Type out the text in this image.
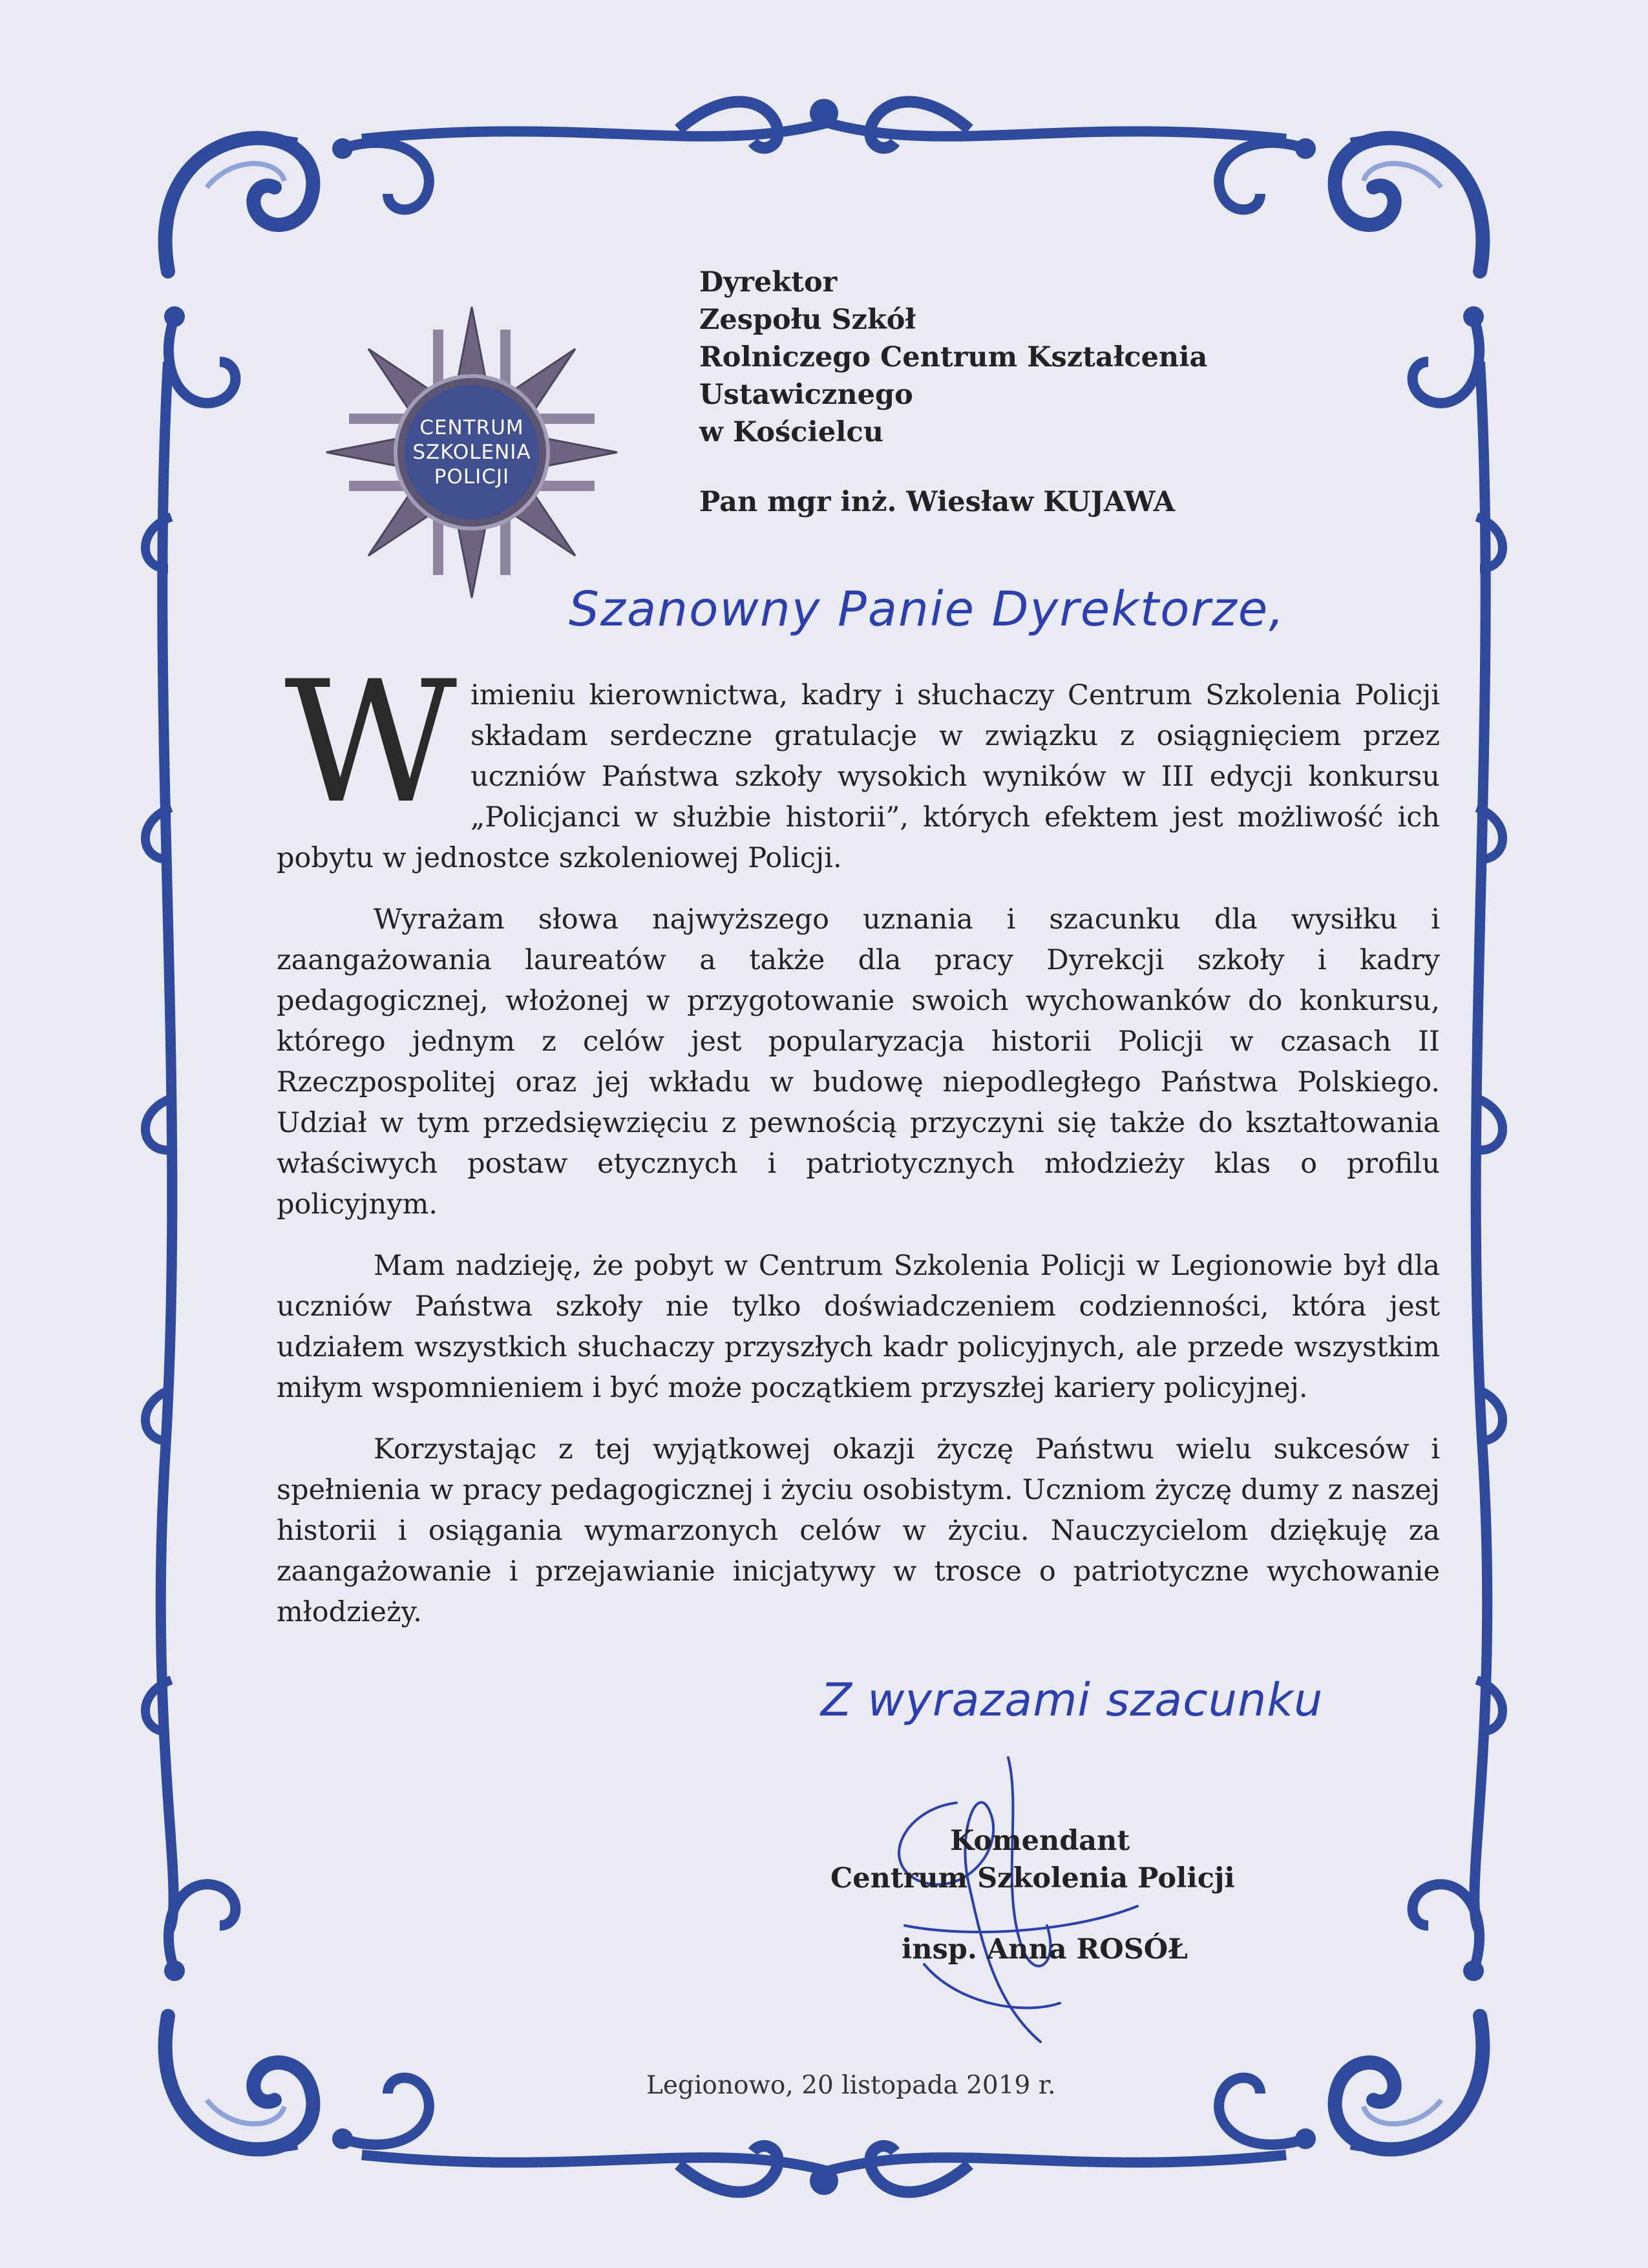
CENTRUM
SZKOLENIA
POLICJI
Dyrektor
Zespołu Szkół
Rolniczego Centrum Kształcenia
Ustawicznego
w Kościelcu
Pan mgr inż. Wiesław KUJAWA
Szanowny Panie Dyrektorze,
W imieniu kierownictwa, kadry i słuchaczy Centrum Szkolenia Policji składam serdeczne gratulacje w związku z osiągnięciem przez uczniów Państwa szkoły wysokich wyników w III edycji konkursu „Policjanci w służbie historii”, których efektem jest możliwość ich pobytu w jednostce szkoleniowej Policji.

Wyrażam słowa najwyższego uznania i szacunku dla wysiłku i zaangażowania laureatów a także dla pracy Dyrekcji szkoły i kadry pedagogicznej, włożonej w przygotowanie swoich wychowanków do konkursu, którego jednym z celów jest popularyzacja historii Policji w czasach II Rzeczpospolitej oraz jej wkładu w budowę niepodległego Państwa Polskiego. Udział w tym przedsięwzięciu z pewnością przyczyni się także do kształtowania właściwych postaw etycznych i patriotycznych młodzieży klas o profilu policyjnym.

Mam nadzieję, że pobyt w Centrum Szkolenia Policji w Legionowie był dla uczniów Państwa szkoły nie tylko doświadczeniem codzienności, która jest udziałem wszystkich słuchaczy przyszłych kadr policyjnych, ale przede wszystkim miłym wspomnieniem i być może początkiem przyszłej kariery policyjnej.

Korzystając z tej wyjątkowej okazji życzę Państwu wielu sukcesów i spełnienia w pracy pedagogicznej i życiu osobistym. Uczniom życzę dumy z naszej historii i osiągania wymarzonych celów w życiu. Nauczycielom dziękuję za zaangażowanie i przejawianie inicjatywy w trosce o patriotyczne wychowanie młodzieży.

Z wyrazami szacunku
Komendant
Centrum Szkolenia Policji
insp. Anna ROSÓŁ
Legionowo, 20 listopada 2019 r.
